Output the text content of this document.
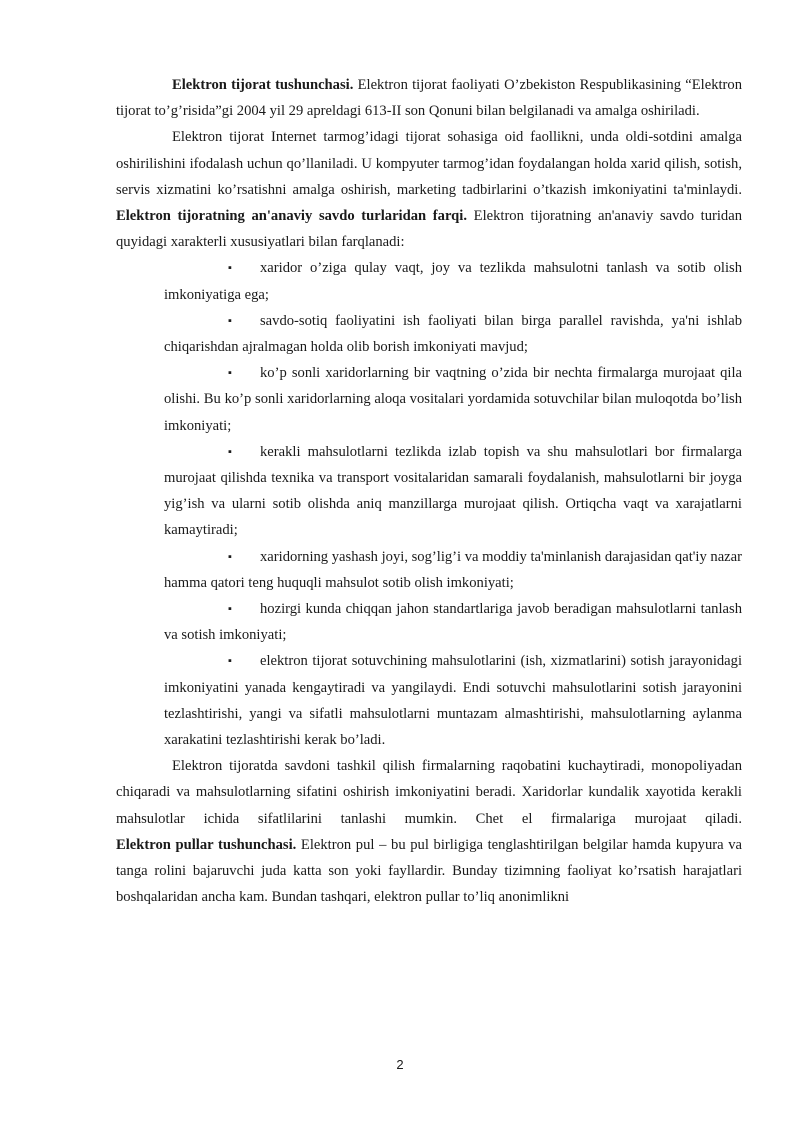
Elektron tijorat tushunchasi. Elektron tijorat faoliyati O’zbekiston Respublikasining “Elektron tijorat to’g’risida”gi 2004 yil 29 apreldagi 613-II son Qonuni bilan belgilanadi va amalga oshiriladi.

Elektron tijorat Internet tarmog’idagi tijorat sohasiga oid faollikni, unda oldi-sotdini amalga oshirilishini ifodalash uchun qo’llaniladi. U kompyuter tarmog’idan foydalangan holda xarid qilish, sotish, servis xizmatini ko’rsatishni amalga oshirish, marketing tadbirlarini o’tkazish imkoniyatini ta'minlaydi.

Elektron tijoratning an'anaviy savdo turlaridan farqi. Elektron tijoratning an'anaviy savdo turidan quyidagi xarakterli xususiyatlari bilan farqlanadi:

▪ xaridor o’ziga qulay vaqt, joy va tezlikda mahsulotni tanlash va sotib olish imkoniyatiga ega;

▪ savdo-sotiq faoliyatini ish faoliyati bilan birga parallel ravishda, ya'ni ishlab chiqarishdan ajralmagan holda olib borish imkoniyati mavjud;

▪ ko’p sonli xaridorlarning bir vaqtning o’zida bir nechta firmalarga murojaat qila olishi. Bu ko’p sonli xaridorlarning aloqa vositalari yordamida sotuvchilar bilan muloqotda bo’lish imkoniyati;

▪ kerakli mahsulotlarni tezlikda izlab topish va shu mahsulotlari bor firmalarga murojaat qilishda texnika va transport vositalaridan samarali foydalanish, mahsulotlarni bir joyga yig’ish va ularni sotib olishda aniq manzillarga murojaat qilish. Ortiqcha vaqt va xarajatlarni kamaytiradi;

▪ xaridorning yashash joyi, sog’lig’i va moddiy ta'minlanish darajasidan qat'iy nazar hamma qatori teng huquqli mahsulot sotib olish imkoniyati;

▪ hozirgi kunda chiqqan jahon standartlariga javob beradigan mahsulotlarni tanlash va sotish imkoniyati;

▪ elektron tijorat sotuvchining mahsulotlarini (ish, xizmatlarini) sotish jarayonidagi imkoniyatini yanada kengaytiradi va yangilaydi. Endi sotuvchi mahsulotlarini sotish jarayonini tezlashtirishi, yangi va sifatli mahsulotlarni muntazam almashtirishi, mahsulotlarning aylanma xarakatini tezlashtirishi kerak bo’ladi.

Elektron tijoratda savdoni tashkil qilish firmalarning raqobatini kuchaytiradi, monopoliyadan chiqaradi va mahsulotlarning sifatini oshirish imkoniyatini beradi. Xaridorlar kundalik xayotida kerakli mahsulotlar ichida sifatlilarini tanlashi mumkin. Chet el firmalariga murojaat qiladi.

Elektron pullar tushunchasi. Elektron pul – bu pul birligiga tenglashtirilgan belgilar hamda kupyura va tanga rolini bajaruvchi juda katta son yoki fayllardir. Bunday tizimning faoliyat ko’rsatish harajatlari boshqalaridan ancha kam. Bundan tashqari, elektron pullar to’liq anonimlikni

2
